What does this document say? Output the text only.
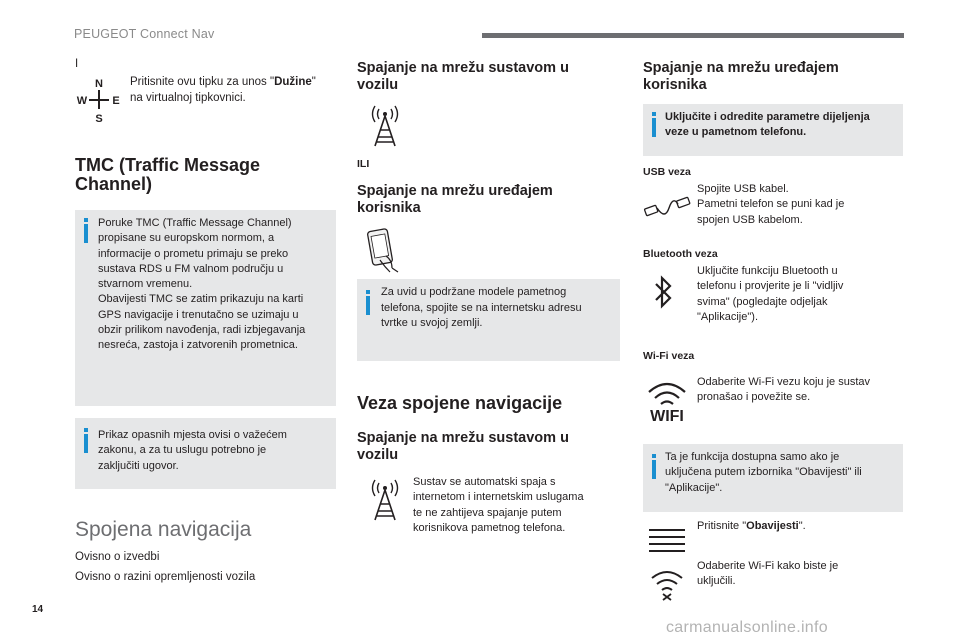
PEUGEOT Connect Nav
I
N
W E
S
Pritisnite ovu tipku za unos "Dužine"
na virtualnoj tipkovnici.
TMC (Traffic Message
Channel)
Poruke TMC (Traffic Message Channel)
propisane su europskom normom, a
informacije o prometu primaju se preko
sustava RDS u FM valnom području u
stvarnom vremenu.
Obavijesti TMC se zatim prikazuju na karti
GPS navigacije i trenutačno se uzimaju u
obzir prilikom navođenja, radi izbjegavanja
nesreća, zastoja i zatvorenih prometnica.
Prikaz opasnih mjesta ovisi o važećem
zakonu, a za tu uslugu potrebno je
zaključiti ugovor.
Spojena navigacija
Ovisno o izvedbi
Ovisno o razini opremljenosti vozila
Spajanje na mrežu sustavom u
vozilu
ILI
Spajanje na mrežu uređajem
korisnika
Za uvid u podržane modele pametnog
telefona, spojite se na internetsku adresu
tvrtke u svojoj zemlji.
Veza spojene navigacije
Spajanje na mrežu sustavom u
vozilu
Sustav se automatski spaja s
internetom i internetskim uslugama
te ne zahtijeva spajanje putem
korisnikova pametnog telefona.
Spajanje na mrežu uređajem
korisnika
Uključite i odredite parametre dijeljenja
veze u pametnom telefonu.
USB veza
Spojite USB kabel.
Pametni telefon se puni kad je
spojen USB kabelom.
Bluetooth veza
Uključite funkciju Bluetooth u
telefonu i provjerite je li "vidljiv
svima" (pogledajte odjeljak
"Aplikacije").
Wi-Fi veza
WIFI
Odaberite Wi-Fi vezu koju je sustav
pronašao i povežite se.
Ta je funkcija dostupna samo ako je
uključena putem izbornika "Obavijesti" ili
"Aplikacije".
Pritisnite "Obavijesti".
Odaberite Wi-Fi kako biste je
uključili.
14
carmanualsonline.info
